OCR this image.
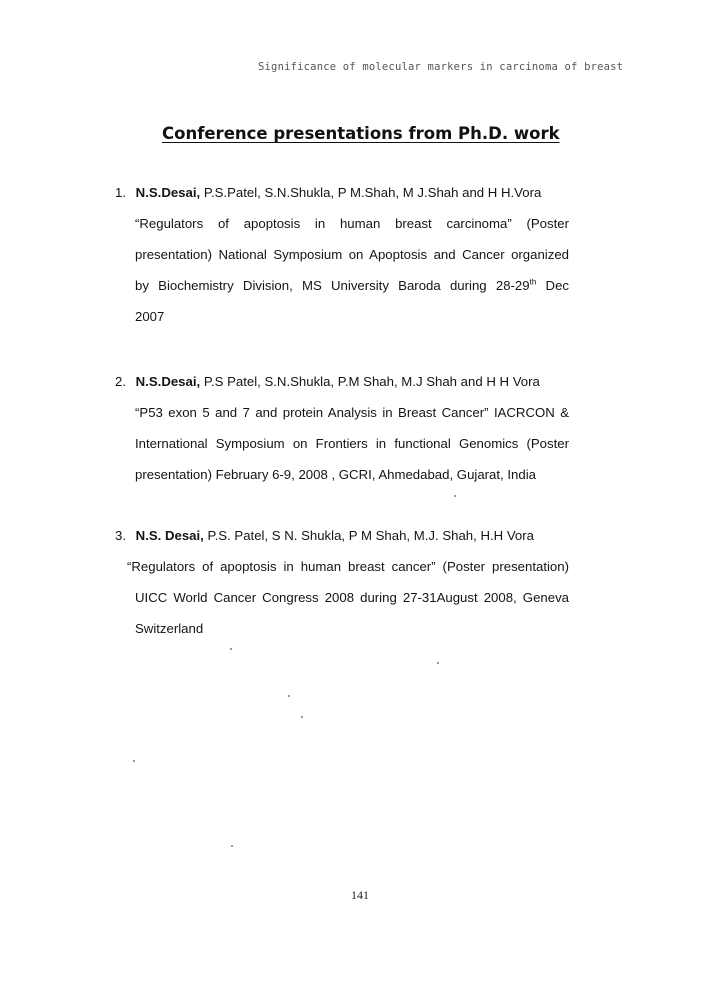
Significance of molecular markers in carcinoma of breast
Conference presentations from Ph.D. work
1. N.S.Desai, P.S.Patel, S.N.Shukla, P M.Shah, M J.Shah and H H.Vora
“Regulators of apoptosis in human breast carcinoma” (Poster
presentation) National Symposium on Apoptosis and Cancer organized
by Biochemistry Division, MS University Baroda during 28-29th Dec
2007
2. N.S.Desai, P.S Patel, S.N.Shukla, P.M Shah, M.J Shah and H H Vora
“P53 exon 5 and 7 and protein Analysis in Breast Cancer” IACRCON &
International Symposium on Frontiers in functional Genomics (Poster
presentation) February 6-9, 2008 , GCRI, Ahmedabad, Gujarat, India
3. N.S. Desai, P.S. Patel, S N. Shukla, P M Shah, M.J. Shah, H.H Vora
“Regulators of apoptosis in human breast cancer” (Poster presentation)
UICC World Cancer Congress 2008 during 27-31August 2008, Geneva
Switzerland
141
